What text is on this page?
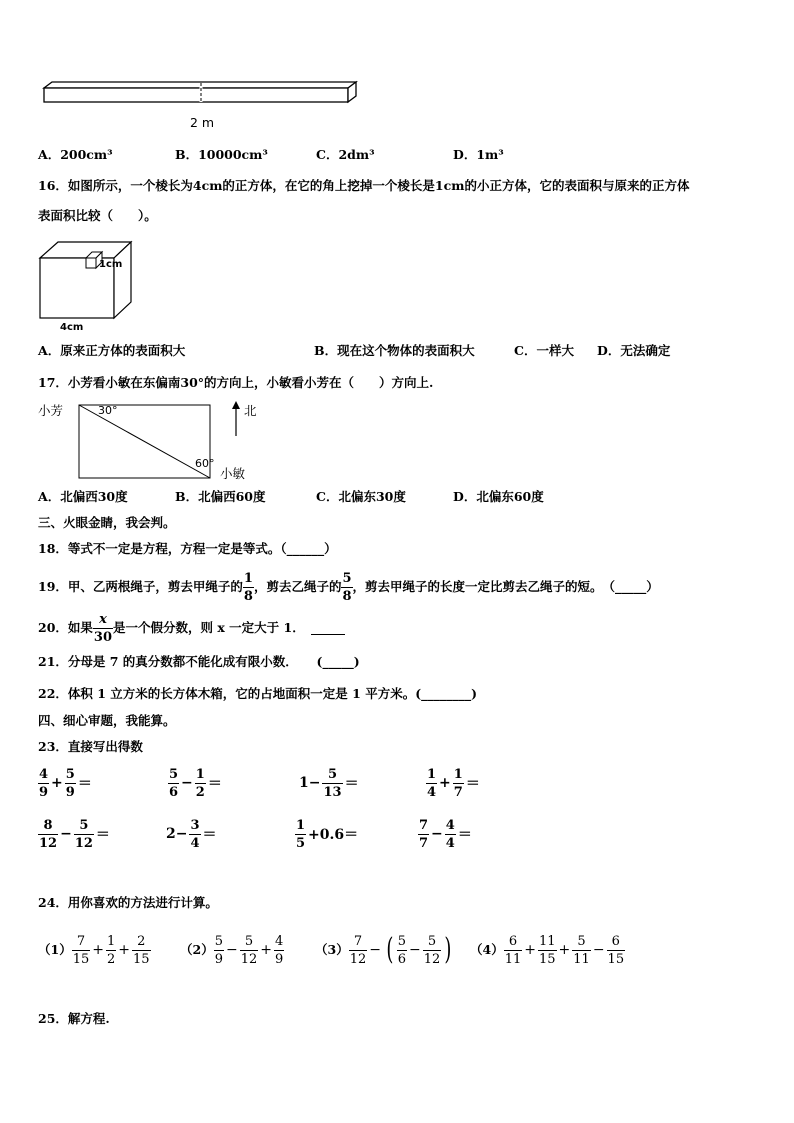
2 m
A．200cm³	B．10000cm³	C．2dm³	D．1m³
16．如图所示，一个棱长为4cm的正方体，在它的角上挖掉一个棱长是1cm的小正方体，它的表面积与原来的正方体
表面积比较（　　）。
1cm
4cm
A．原来正方体的表面积大	B．现在这个物体的表面积大	C．一样大 D．无法确定
17．小芳看小敏在东偏南30°的方向上，小敏看小芳在（　　）方向上.
小芳	30°
60°
小敏
北
A．北偏西30度	B．北偏西60度	C．北偏东30度	D．北偏东60度
三、火眼金睛，我会判。
18．等式不一定是方程，方程一定是等式。（______）
19．甲、乙两根绳子，剪去甲绳子的 $\frac{1}{8}$ ，剪去乙绳子的 $\frac{5}{8}$ ，剪去甲绳子的长度一定比剪去乙绳子的短。　（_____）
20．如果 $\frac{x}{30}$ 是一个假分数，则 x 一定大于 1．
21．分母是 7 的真分数都不能化成有限小数．　　(_____)
22．体积 1 立方米的长方体木箱，它的占地面积一定是 1 平方米。(________)
四、细心审题，我能算。
23．直接写出得数
$\frac{4}{9} + \frac{5}{9}$ ＝	$\frac{5}{6} - \frac{1}{2}$ ＝	$1- \frac{5}{13}$ ＝	$\frac{1}{4} + \frac{1}{7}$ ＝
$\frac{8}{12} - \frac{5}{12}$ ＝	$2- \frac{3}{4}$ ＝	$\frac{1}{5} +0.6=$	$\frac{7}{7} - \frac{4}{4}$ ＝
24．用你喜欢的方法进行计算。
$(1) \frac{7}{15} + \frac{1}{2} + \frac{2}{15} (2) \frac{5}{9} - \frac{5}{12} + \frac{4}{9} (3) \frac{7}{12}$ − ( $\frac{5}{6} - \frac{5}{12}$ ) $(4) \frac{6}{11} + \frac{11}{15} + \frac{5}{11} - \frac{6}{15}$
25．解方程.
